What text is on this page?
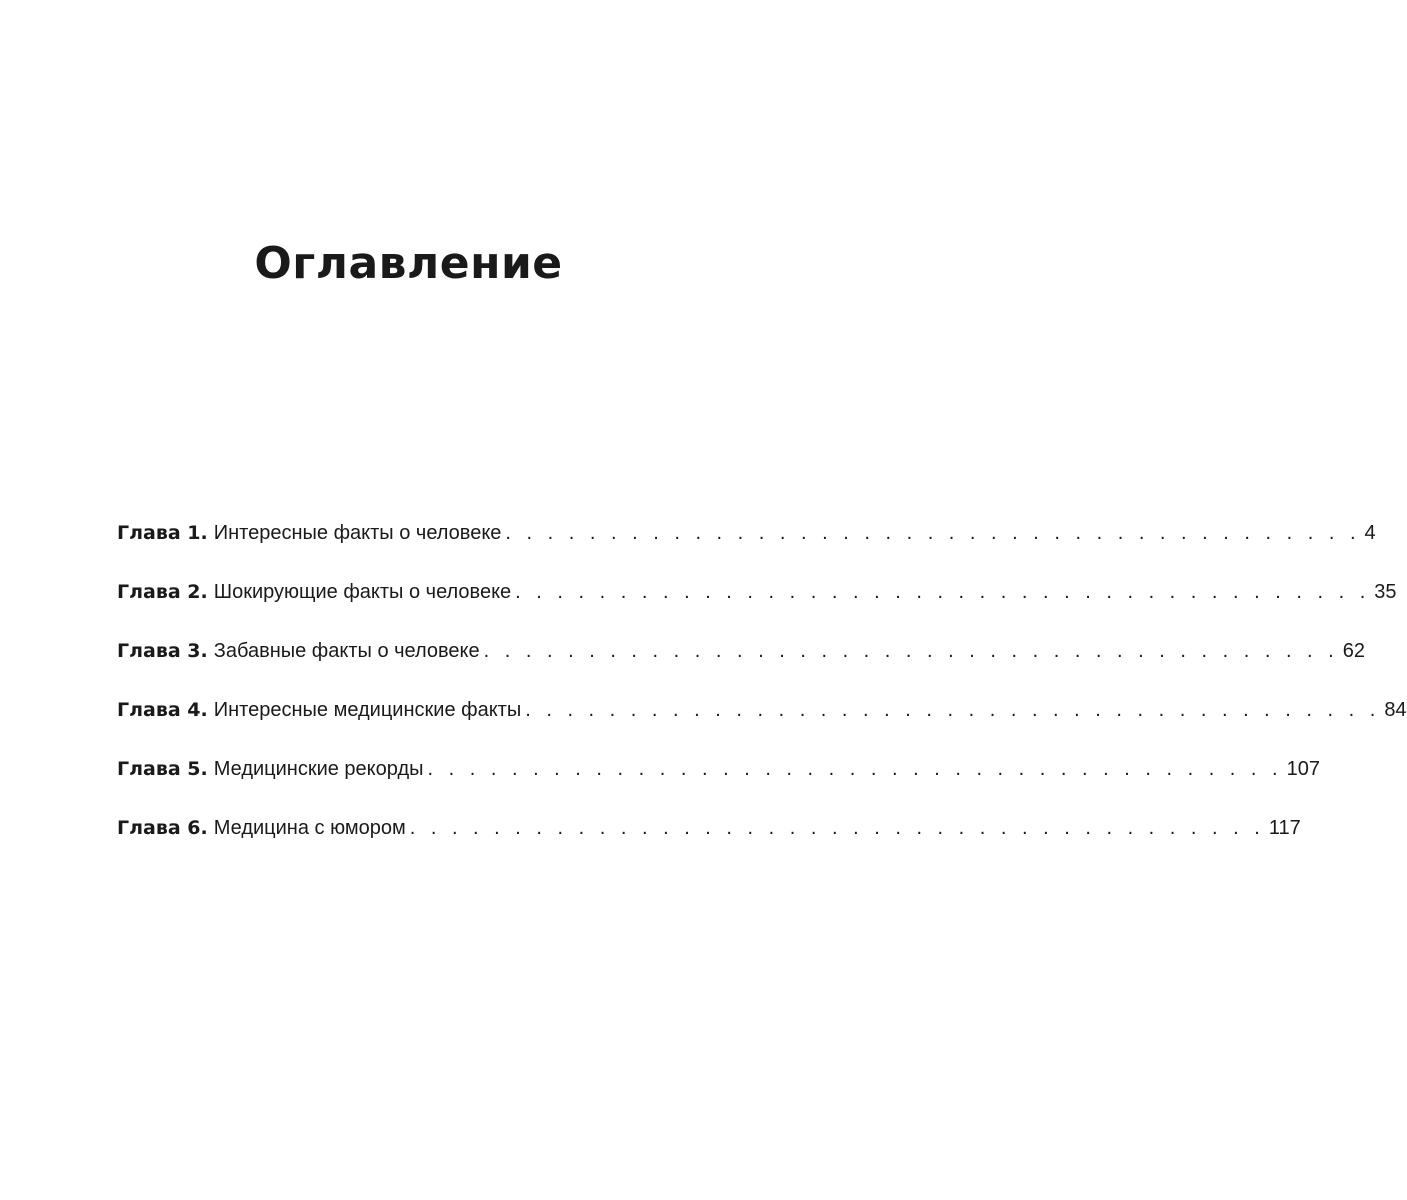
Оглавление
Глава 1. Интересные факты о человеке . . . . . . . . . . . . . . . . . . . . . . . . . . . . . . . . . . . . . . . . . 4
Глава 2. Шокирующие факты о человеке . . . . . . . . . . . . . . . . . . . . . . . . . . . . . . . . . . . . . . . . . 35
Глава 3. Забавные факты о человеке . . . . . . . . . . . . . . . . . . . . . . . . . . . . . . . . . . . . . . . . . 62
Глава 4. Интересные медицинские факты . . . . . . . . . . . . . . . . . . . . . . . . . . . . . . . . . . . . . . . . . 84
Глава 5. Медицинские рекорды . . . . . . . . . . . . . . . . . . . . . . . . . . . . . . . . . . . . . . . . . 107
Глава 6. Медицина с юмором . . . . . . . . . . . . . . . . . . . . . . . . . . . . . . . . . . . . . . . . . 117
